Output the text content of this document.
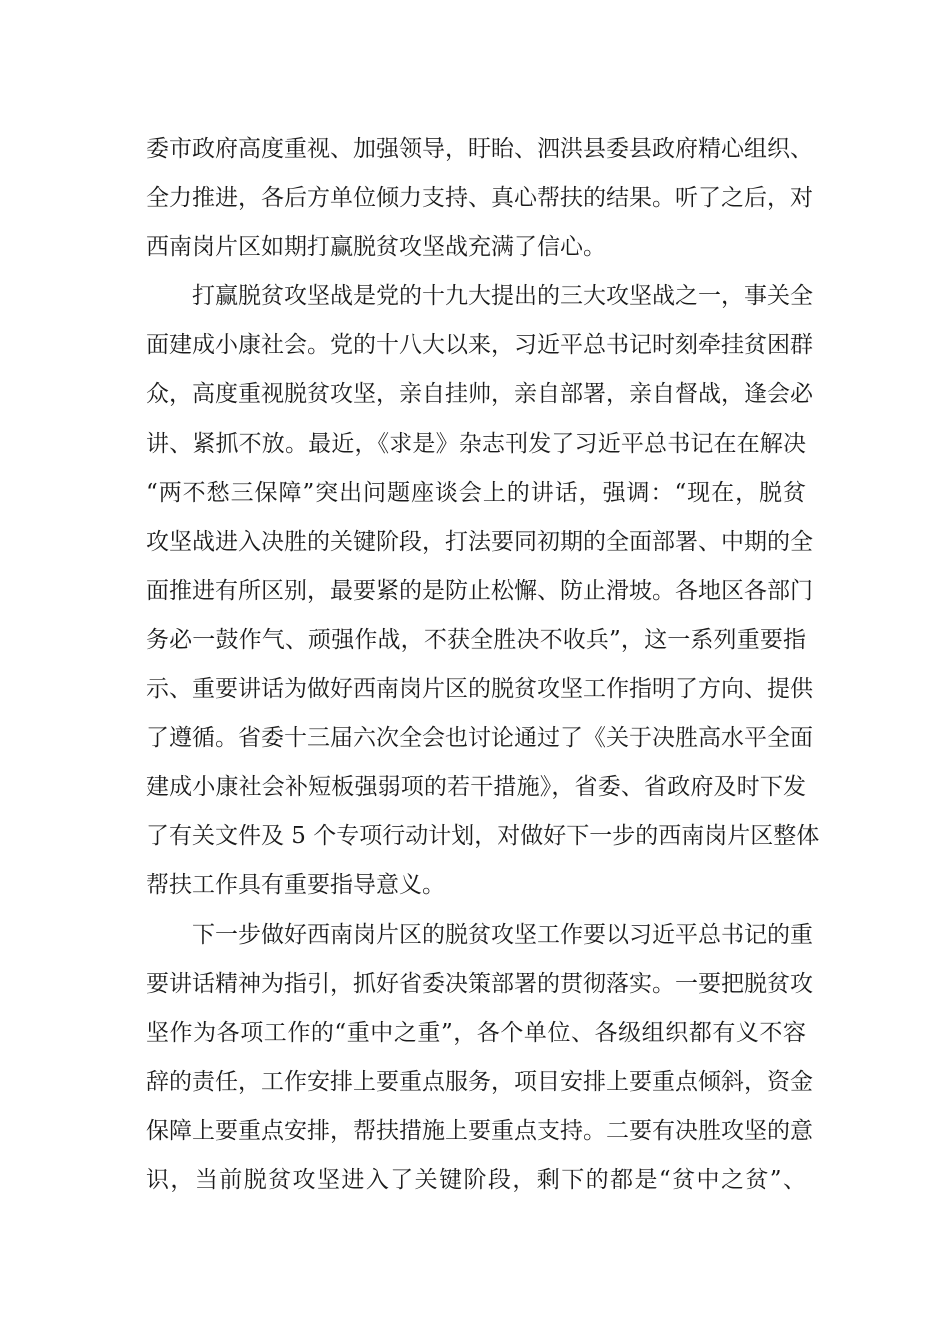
委市政府高度重视、加强领导，盱眙、泗洪县委县政府精心组织、
全力推进，各后方单位倾力支持、真心帮扶的结果。听了之后，对
西南岗片区如期打赢脱贫攻坚战充满了信心。
打赢脱贫攻坚战是党的十九大提出的三大攻坚战之一，事关全
面建成小康社会。党的十八大以来，习近平总书记时刻牵挂贫困群
众，高度重视脱贫攻坚，亲自挂帅，亲自部署，亲自督战，逢会必
讲、紧抓不放。最近，《求是》杂志刊发了习近平总书记在在解决
“两不愁三保障”突出问题座谈会上的讲话，强调：“现在，脱贫
攻坚战进入决胜的关键阶段，打法要同初期的全面部署、中期的全
面推进有所区别，最要紧的是防止松懈、防止滑坡。各地区各部门
务必一鼓作气、顽强作战，不获全胜决不收兵”，这一系列重要指
示、重要讲话为做好西南岗片区的脱贫攻坚工作指明了方向、提供
了遵循。省委十三届六次全会也讨论通过了《关于决胜高水平全面
建成小康社会补短板强弱项的若干措施》，省委、省政府及时下发
了有关文件及 5 个专项行动计划，对做好下一步的西南岗片区整体
帮扶工作具有重要指导意义。
下一步做好西南岗片区的脱贫攻坚工作要以习近平总书记的重
要讲话精神为指引，抓好省委决策部署的贯彻落实。一要把脱贫攻
坚作为各项工作的“重中之重”，各个单位、各级组织都有义不容
辞的责任，工作安排上要重点服务，项目安排上要重点倾斜，资金
保障上要重点安排，帮扶措施上要重点支持。二要有决胜攻坚的意
识，当前脱贫攻坚进入了关键阶段，剩下的都是“贫中之贫”、
